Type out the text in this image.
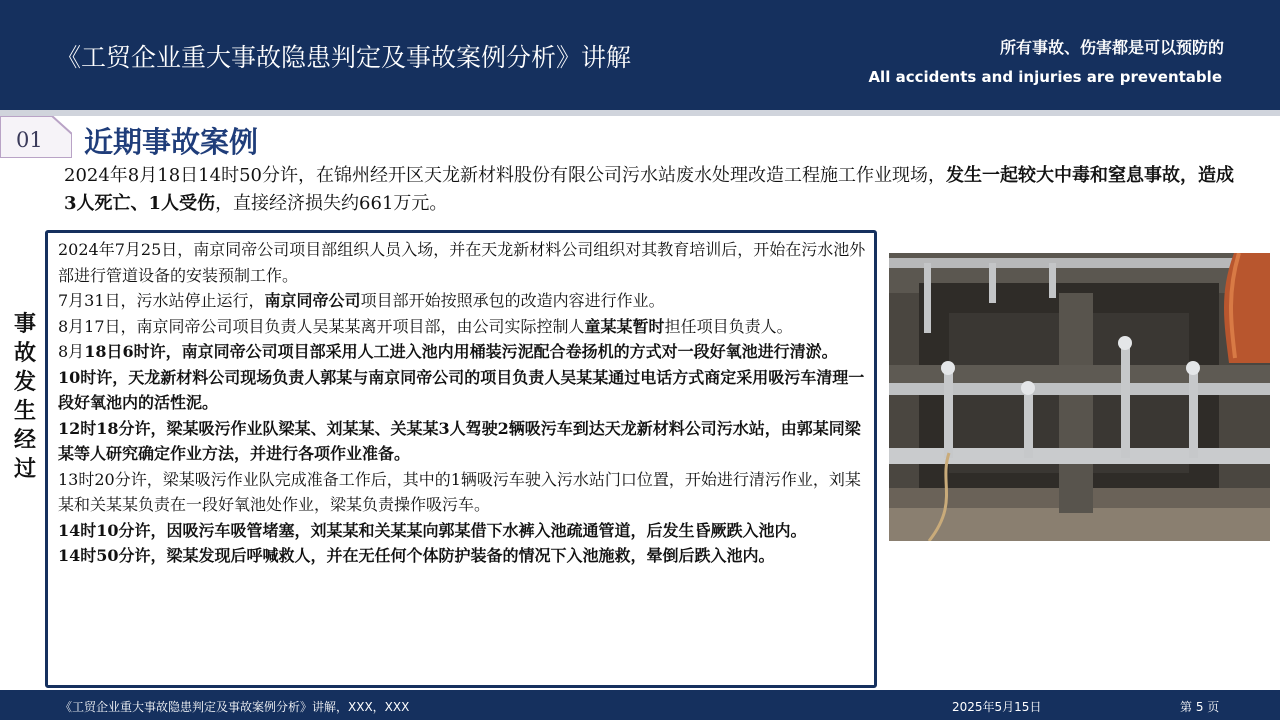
《工贸企业重大事故隐患判定及事故案例分析》讲解	所有事故、伤害都是可以预防的
All accidents and injuries are preventable
01 近期事故案例
2024年8月18日14时50分许，在锦州经开区天龙新材料股份有限公司污水站废水处理改造工程施工作业现场，发生一起较大中毒和窒息事故，造成3人死亡、1人受伤，直接经济损失约661万元。
事
故
发
生
经
过

2024年7月25日，南京同帝公司项目部组织人员入场，并在天龙新材料公司组织对其教育培训后，开始在污水池外部进行管道设备的安装预制工作。

7月31日，污水站停止运行，南京同帝公司项目部开始按照承包的改造内容进行作业。

8月17日，南京同帝公司项目负责人吴某某离开项目部，由公司实际控制人童某某暂时担任项目负责人。

8月18日6时许，南京同帝公司项目部采用人工进入池内用桶装污泥配合卷扬机的方式对一段好氧池进行清淤。

10时许，天龙新材料公司现场负责人郭某与南京同帝公司的项目负责人吴某某通过电话方式商定采用吸污车清理一段好氧池内的活性泥。

12时18分许，梁某吸污作业队梁某、刘某某、关某某3人驾驶2辆吸污车到达天龙新材料公司污水站，由郭某同梁某等人研究确定作业方法，并进行各项作业准备。

13时20分许，梁某吸污作业队完成准备工作后，其中的1辆吸污车驶入污水站门口位置，开始进行清污作业，刘某某和关某某负责在一段好氧池处作业，梁某负责操作吸污车。

14时10分许，因吸污车吸管堵塞，刘某某和关某某向郭某借下水裤入池疏通管道，后发生昏厥跌入池内。

14时50分许，梁某发现后呼喊救人，并在无任何个体防护装备的情况下入池施救，晕倒后跌入池内。

《工贸企业重大事故隐患判定及事故案例分析》讲解，XXX，XXX	2025年5月15日	第 5 页
